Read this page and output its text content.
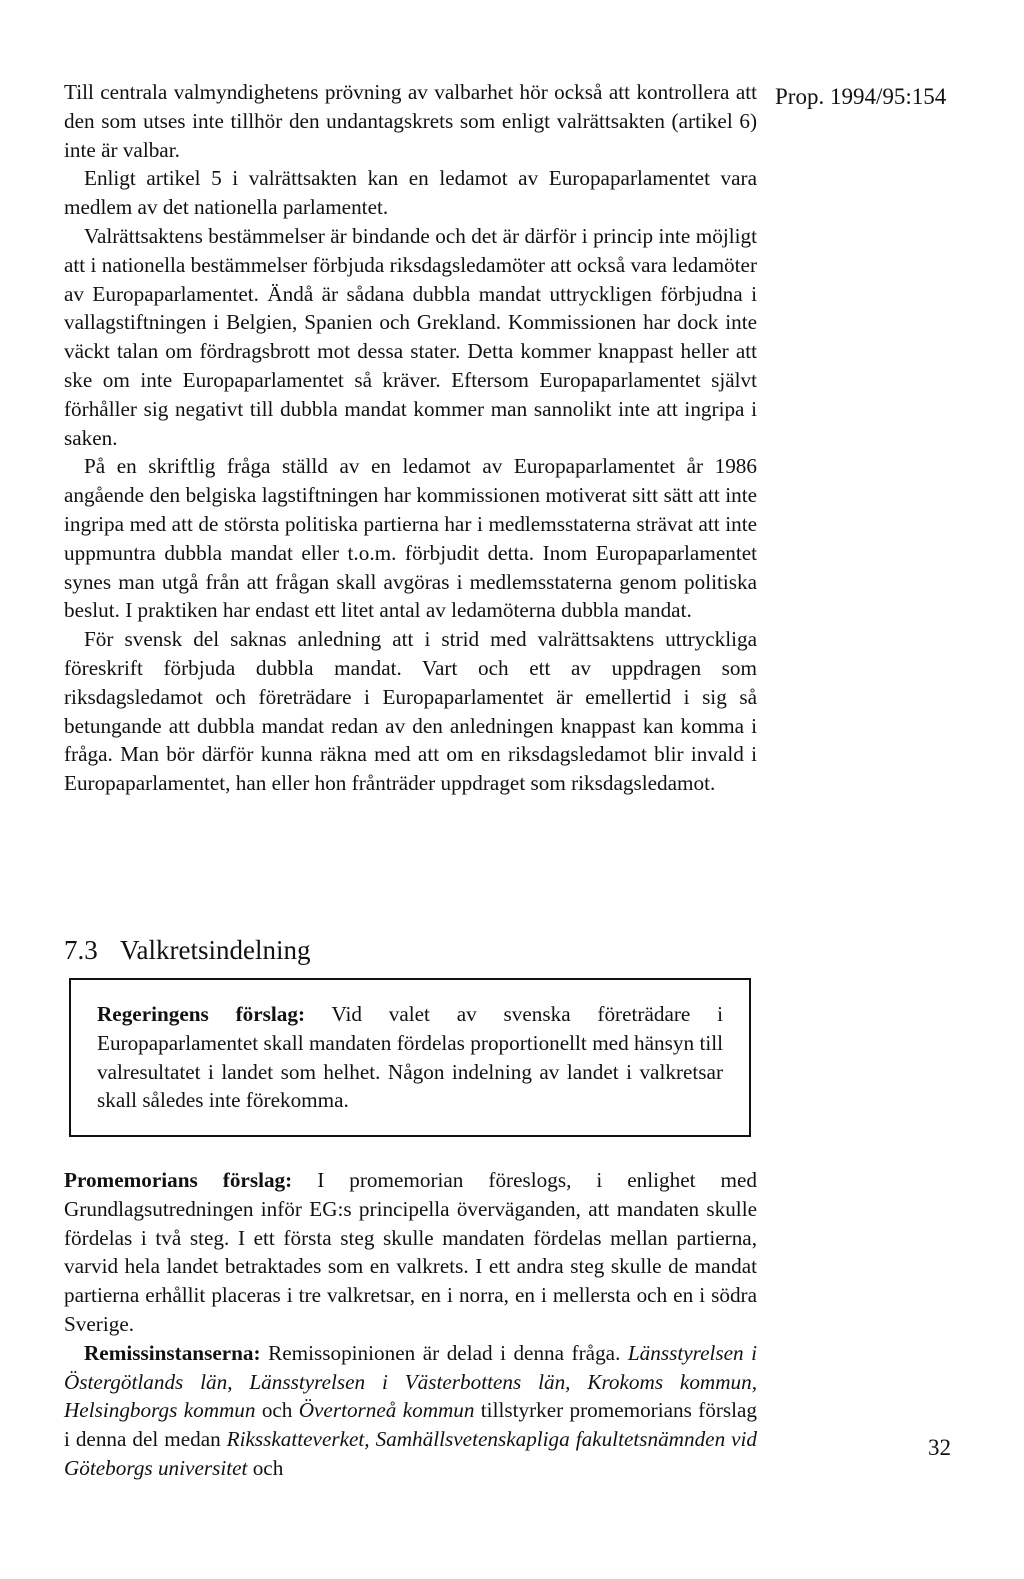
Prop. 1994/95:154

Till centrala valmyndighetens prövning av valbarhet hör också att kontrollera att den som utses inte tillhör den undantagskrets som enligt valrättsakten (artikel 6) inte är valbar.

Enligt artikel 5 i valrättsakten kan en ledamot av Europaparlamentet vara medlem av det nationella parlamentet.

Valrättsaktens bestämmelser är bindande och det är därför i princip inte möjligt att i nationella bestämmelser förbjuda riksdagsledamöter att också vara ledamöter av Europaparlamentet. Ändå är sådana dubbla mandat uttryckligen förbjudna i vallagstiftningen i Belgien, Spanien och Grekland. Kommissionen har dock inte väckt talan om fördragsbrott mot dessa stater. Detta kommer knappast heller att ske om inte Europaparlamentet så kräver. Eftersom Europaparlamentet självt förhåller sig negativt till dubbla mandat kommer man sannolikt inte att ingripa i saken.

På en skriftlig fråga ställd av en ledamot av Europaparlamentet år 1986 angående den belgiska lagstiftningen har kommissionen motiverat sitt sätt att inte ingripa med att de största politiska partierna har i medlemsstaterna strävat att inte uppmuntra dubbla mandat eller t.o.m. förbjudit detta. Inom Europaparlamentet synes man utgå från att frågan skall avgöras i medlemsstaterna genom politiska beslut. I praktiken har endast ett litet antal av ledamöterna dubbla mandat.

För svensk del saknas anledning att i strid med valrättsaktens uttryckliga föreskrift förbjuda dubbla mandat. Vart och ett av uppdragen som riksdagsledamot och företrädare i Europaparlamentet är emellertid i sig så betungande att dubbla mandat redan av den anledningen knappast kan komma i fråga. Man bör därför kunna räkna med att om en riksdagsledamot blir invald i Europaparlamentet, han eller hon frånträder uppdraget som riksdagsledamot.

7.3 Valkretsindelning
Regeringens förslag: Vid valet av svenska företrädare i Europaparlamentet skall mandaten fördelas proportionellt med hänsyn till valresultatet i landet som helhet. Någon indelning av landet i valkretsar skall således inte förekomma.

Promemorians förslag: I promemorian föreslogs, i enlighet med Grundlagsutredningen inför EG:s principella överväganden, att mandaten skulle fördelas i två steg. I ett första steg skulle mandaten fördelas mellan partierna, varvid hela landet betraktades som en valkrets. I ett andra steg skulle de mandat partierna erhållit placeras i tre valkretsar, en i norra, en i mellersta och en i södra Sverige.

Remissinstanserna: Remissopinionen är delad i denna fråga. Länsstyrelsen i Östergötlands län, Länsstyrelsen i Västerbottens län, Krokoms kommun, Helsingborgs kommun och Övertorneå kommun tillstyrker promemorians förslag i denna del medan Riksskatteverket, Samhällsvetenskapliga fakultetsnämnden vid Göteborgs universitet och

32
